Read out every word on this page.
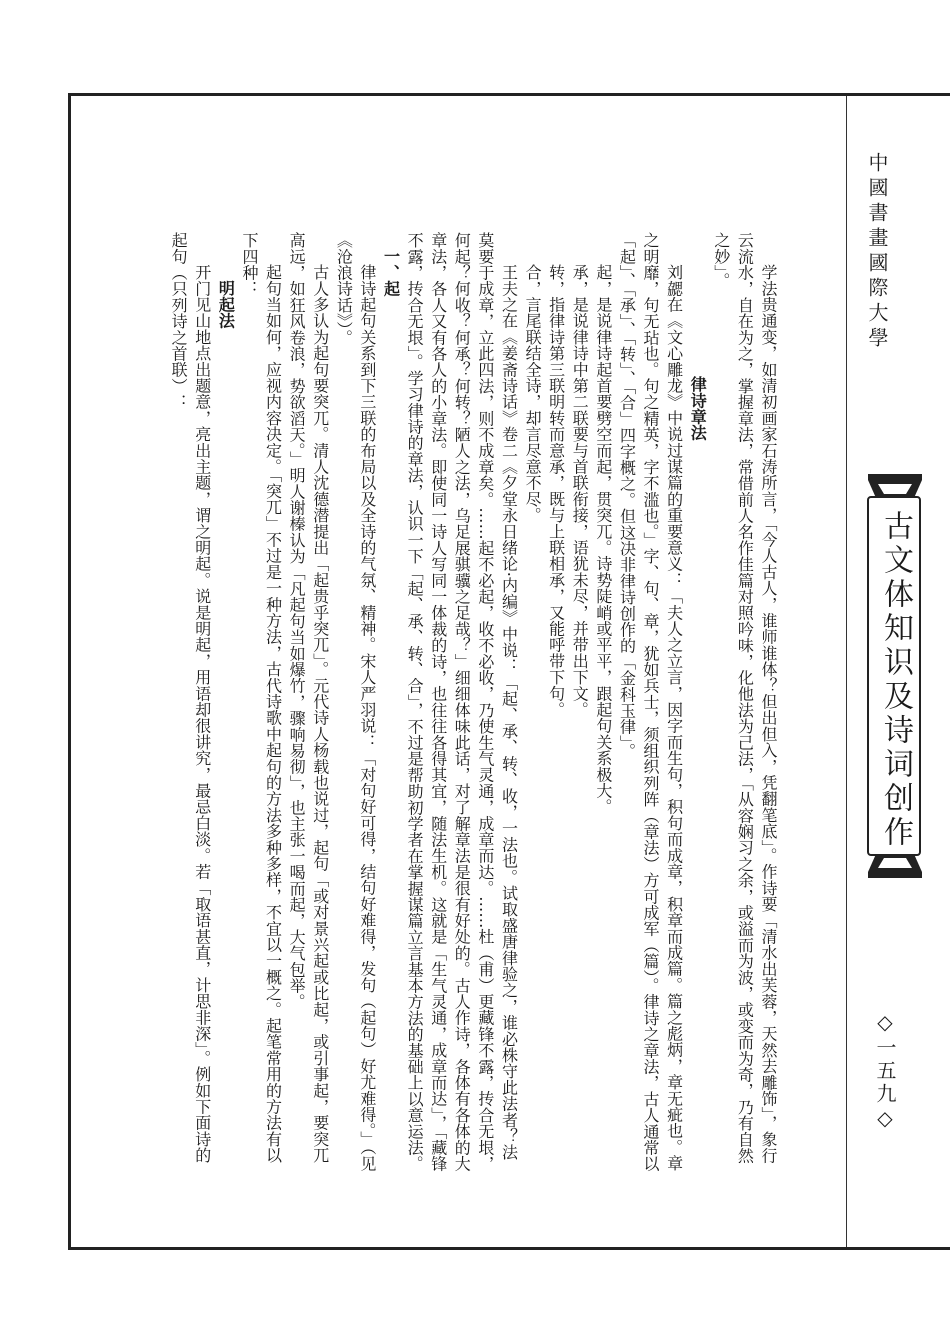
学法贵通变，如清初画家石涛所言，「今人古人，谁师谁体？但出但入，凭翻笔底」。作诗要「清水出芙蓉，天然去雕饰」，象行云流水，自在为之，掌握章法，常借前人名作佳篇对照吟味，化他法为己法，「从容娴习之余，或溢而为波，或变而为奇，乃有自然之妙」。

律诗章法

刘勰在《文心雕龙》中说过谋篇的重要意义：「夫人之立言，因字而生句，积句而成章，积章而成篇。篇之彪炳，章无疵也。章之明靡，句无玷也。句之精英，字不滥也。」字、句、章，犹如兵士，须组织列阵（章法）方可成军（篇）。律诗之章法，古人通常以「起」、「承」、「转」、「合」四字概之。但这决非律诗创作的「金科玉律」。

起，是说律诗起首要劈空而起，贯突兀。诗势陡峭或平平，跟起句关系极大。

承，是说律诗中第二联要与首联衔接，语犹未尽，并带出下文。

转，指律诗第三联明转而意承，既与上联相承，又能呼带下句。

合，言尾联结全诗，却言尽意不尽。

王夫之在《姜斋诗话》卷二《夕堂永日绪论·内编》中说：「起、承、转、收，一法也。试取盛唐律验之，谁必株守此法者？法莫要于成章，立此四法，则不成章矣。……起不必起，收不必收，乃使生气灵通，成章而达。……杜（甫）更藏锋不露，抟合无垠，何起？何收？何承？何转？陋人之法，乌足展骐骥之足哉？」细细体味此话，对了解章法是很有好处的。古人作诗，各体有各体的大章法，各人又有各人的小章法。即使同一诗人写同一体裁的诗，也往往各得其宜，随法生机。这就是「生气灵通，成章而达」，「藏锋不露，抟合无垠」。学习律诗的章法，认识一下「起、承、转、合」，不过是帮助初学者在掌握谋篇立言基本方法的基础上以意运法。

一、起

律诗起句关系到下三联的布局以及全诗的气氛、精神。宋人严羽说：「对句好可得，结句好难得，发句（起句）好尤难得。」（见《沧浪诗话》）。

古人多认为起句要突兀。清人沈德潜提出「起贵乎突兀」。元代诗人杨载也说过，起句「或对景兴起或比起，或引事起，要突兀高远，如狂风卷浪，势欲滔天。」明人谢榛认为「凡起句当如爆竹，骤响易彻」，也主张一喝而起，大气包举。

起句当如何，应视内容决定。「突兀」不过是一种方法，古代诗歌中起句的方法多种多样，不宜以一概之。起笔常用的方法有以下四种：

明起法

开门见山地点出题意，亮出主题，谓之明起。说是明起，用语却很讲究，最忌白淡。若「取语甚直，计思非深」。例如下面诗的起句（只列诗之首联）：	中國書畫國際大學
古文体知识及诗词创作
◇一五九◇
